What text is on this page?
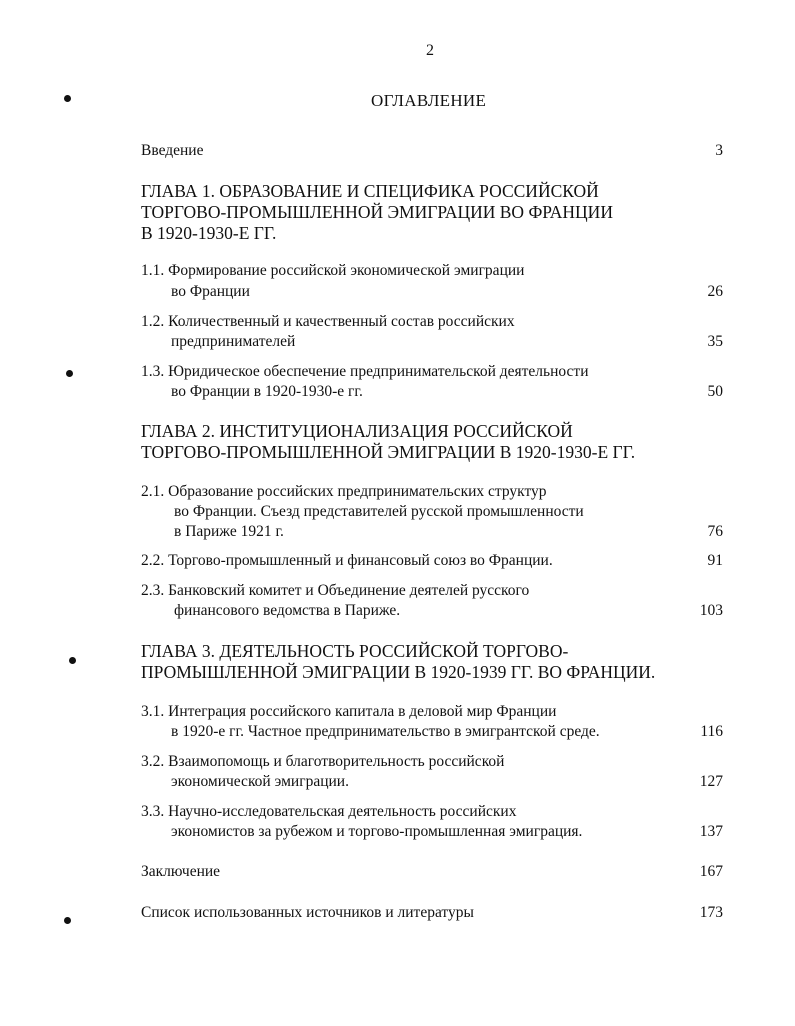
2
ОГЛАВЛЕНИЕ
Введение	3
ГЛАВА 1. ОБРАЗОВАНИЕ И СПЕЦИФИКА РОССИЙСКОЙ
ТОРГОВО-ПРОМЫШЛЕННОЙ ЭМИГРАЦИИ ВО ФРАНЦИИ
В 1920-1930-Е ГГ.
1.1. Формирование российской экономической эмиграции
во Франции	26
1.2. Количественный и качественный состав российских
предпринимателей	35
1.3. Юридическое обеспечение предпринимательской деятельности
во Франции в 1920-1930-е гг.	50
ГЛАВА 2. ИНСТИТУЦИОНАЛИЗАЦИЯ РОССИЙСКОЙ
ТОРГОВО-ПРОМЫШЛЕННОЙ ЭМИГРАЦИИ В 1920-1930-Е ГГ.
2.1. Образование российских предпринимательских структур
во Франции. Съезд представителей русской промышленности
в Париже 1921 г.	76
2.2. Торгово-промышленный и финансовый союз во Франции.	91
2.3. Банковский комитет и Объединение деятелей русского
финансового ведомства в Париже.	103
ГЛАВА 3. ДЕЯТЕЛЬНОСТЬ РОССИЙСКОЙ ТОРГОВО-
ПРОМЫШЛЕННОЙ ЭМИГРАЦИИ В 1920-1939 ГГ. ВО ФРАНЦИИ.
3.1. Интеграция российского капитала в деловой мир Франции
в 1920-е гг. Частное предпринимательство в эмигрантской среде.	116
3.2. Взаимопомощь и благотворительность российской
экономической эмиграции.	127
3.3. Научно-исследовательская деятельность российских
экономистов за рубежом и торгово-промышленная эмиграция.	137
Заключение	167
Список использованных источников и литературы	173
